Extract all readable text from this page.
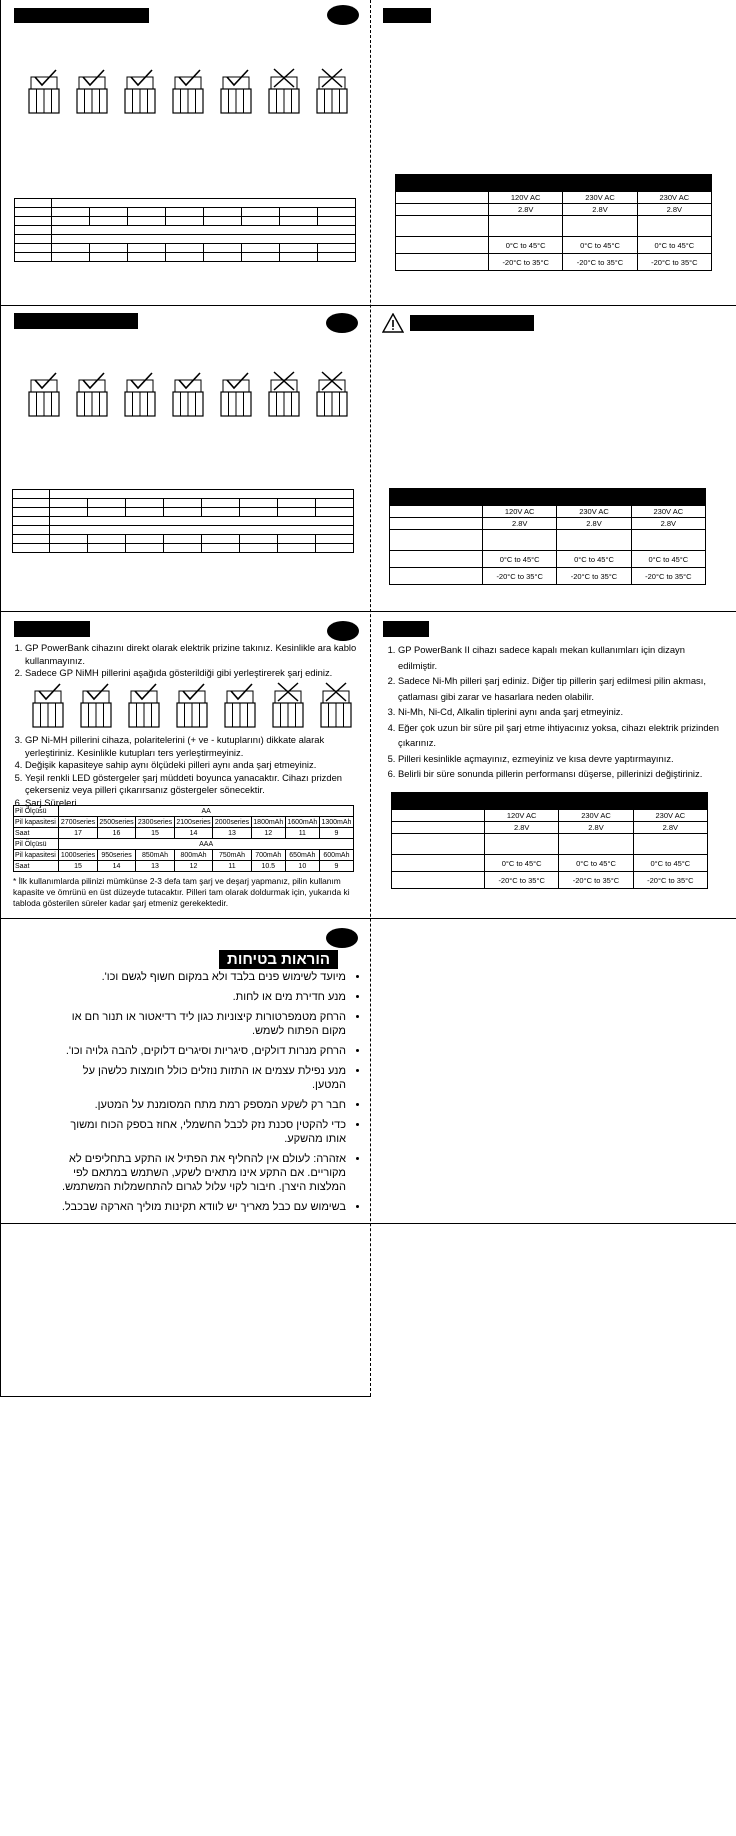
	120V AC	230V AC	230V AC
	2.8V	2.8V	2.8V

	0°C to 45°C	0°C to 45°C	0°C to 45°C
	-20°C to 35°C	-20°C to 35°C	-20°C to 35°C

	120V AC	230V AC	230V AC
	2.8V	2.8V	2.8V

	0°C to 45°C	0°C to 45°C	0°C to 45°C
	-20°C to 35°C	-20°C to 35°C	-20°C to 35°C
1. GP PowerBank cihazını direkt olarak elektrik prizine takınız. Kesinlikle ara kablo kullanmayınız.
2. Sadece GP NiMH pillerini aşağıda gösterildiği gibi yerleştirerek şarj ediniz.
3. GP Ni-MH pillerini cihaza, polaritelerini (+ ve - kutuplarını) dikkate alarak yerleştiriniz. Kesinlikle kutupları ters yerleştirmeyiniz.
4. Değişik kapasiteye sahip aynı ölçüdeki pilleri aynı anda şarj etmeyiniz.
5. Yeşil renkli LED göstergeler şarj müddeti boyunca yanacaktır. Cihazı prizden çekerseniz veya pilleri çıkarırsanız göstergeler sönecektir.
6. Şarj Süreleri
Pil Ölçüsü	AA							
Pil kapasitesi	2700series	2500series	2300series	2100series	2000series	1800mAh	1600mAh	1300mAh
Saat	17	16	15	14	13	12	11	9
Pil Ölçüsü	AAA							
Pil kapasitesi	1000series	950series	850mAh	800mAh	750mAh	700mAh	650mAh	600mAh
Saat	15	14	13	12	11	10.5	10	9
* İlk kullanımlarda pilinizi mümkünse 2-3 defa tam şarj ve deşarj yapmanız, pilin kullanım kapasite ve ömrünü en üst düzeyde tutacaktır. Pilleri tam olarak doldurmak için, yukarıda ki tabloda gösterilen süreler kadar şarj etmeniz gerekektedir.
1. GP PowerBank II cihazı sadece kapalı mekan kullanımları için dizayn edilmiştir.
2. Sadece Ni-Mh pilleri şarj ediniz. Diğer tip pillerin şarj edilmesi pilin akması, çatlaması gibi zarar ve hasarlara neden olabilir.
3. Ni-Mh, Ni-Cd, Alkalin tiplerini aynı anda şarj etmeyiniz.
4. Eğer çok uzun bir süre pil şarj etme ihtiyacınız yoksa, cihazı elektrik prizinden çıkarınız.
5. Pilleri kesinlikle açmayınız, ezmeyiniz ve kısa devre yaptırmayınız.
6. Belirli bir süre sonunda pillerin performansı düşerse, pillerinizi değiştiriniz.

	120V AC	230V AC	230V AC
	2.8V	2.8V	2.8V

	0°C to 45°C	0°C to 45°C	0°C to 45°C
	-20°C to 35°C	-20°C to 35°C	-20°C to 35°C
הוראות בטיחות
• מיועד לשימוש פנים בלבד ולא במקום חשוף לגשם וכו'.
• מנע חדירת מים או לחות.
• הרחק מטמפרטורות קיצוניות כגון ליד רדיאטור או תנור חם או מקום הפתוח לשמש.
• הרחק מנרות דולקים, סיגריות וסיגרים דלוקים, להבה גלויה וכו'.
• מנע נפילת עצמים או התזות נוזלים כולל חומצות כלשהן על המטען.
• חבר רק לשקע המספק רמת מתח המסומנת על המטען.
• כדי להקטין סכנת נזק לכבל החשמלי, אחוז בספק הכוח ומשוך אותו מהשקע.
• אזהרה: לעולם אין להחליף את הפתיל או התקע בתחליפים לא מקוריים. אם התקע אינו מתאים לשקע, השתמש במתאם לפי המלצות היצרן. חיבור לקוי עלול לגרום להתחשמלות המשתמש.
• בשימוש עם כבל מאריך יש לוודא תקינות מוליך הארקה שבכבל.
